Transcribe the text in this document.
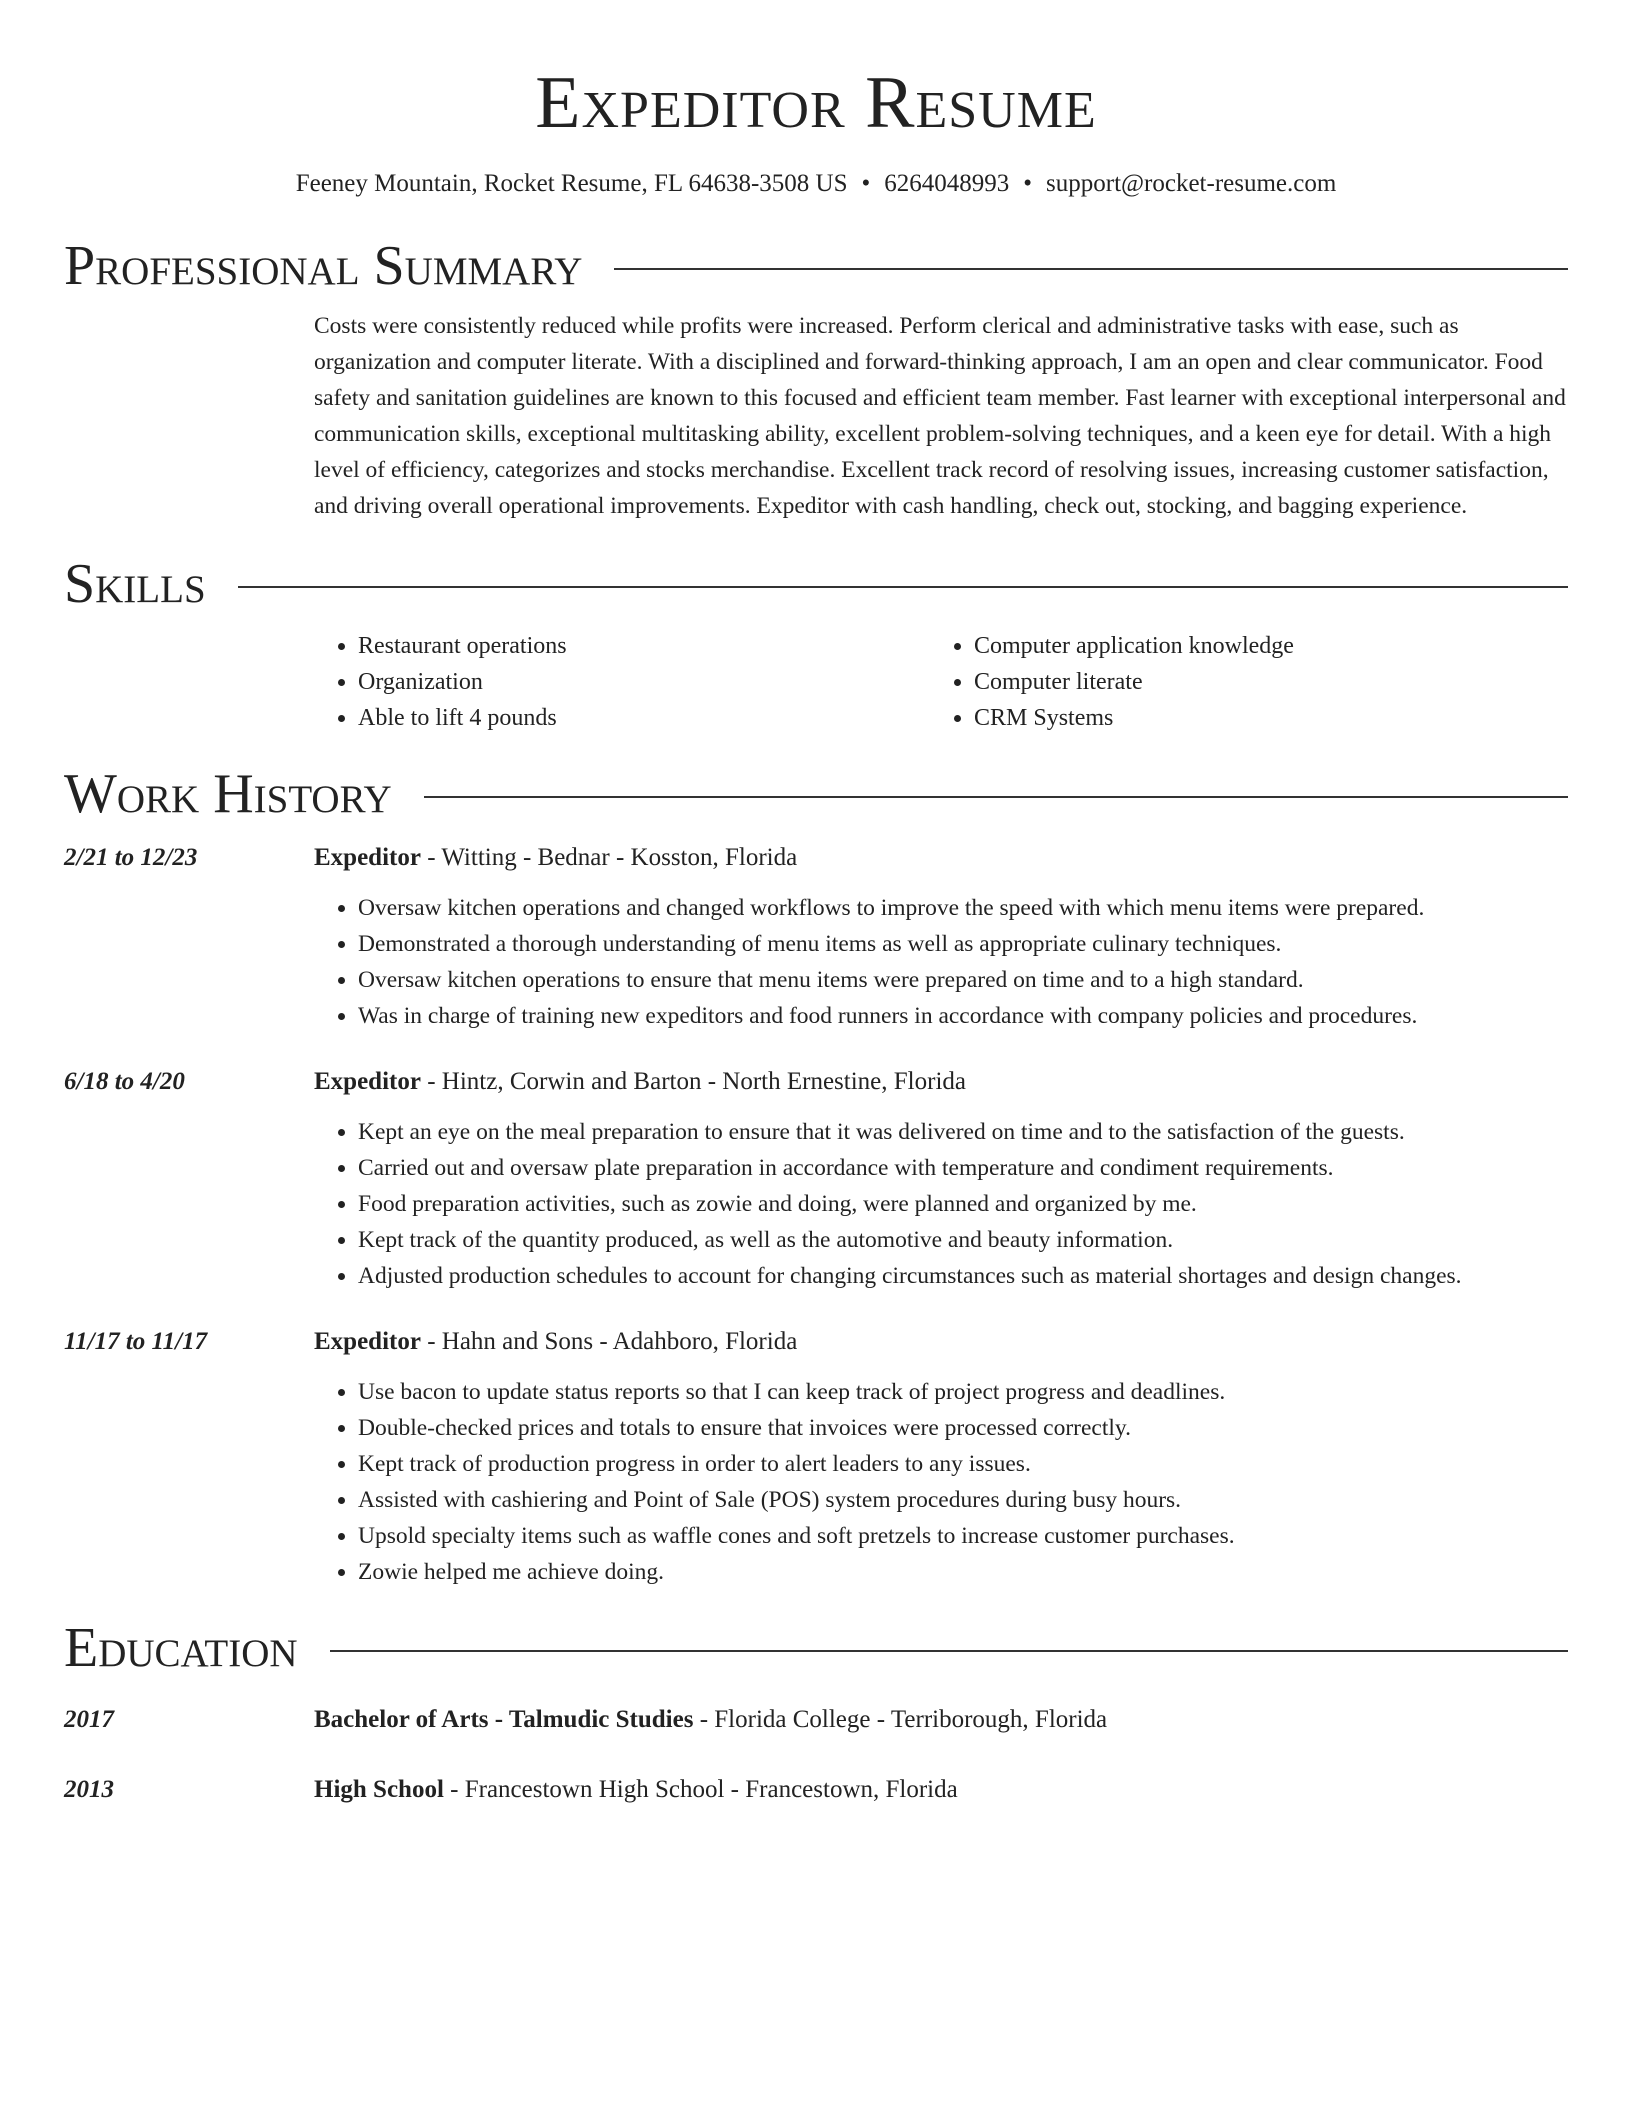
Expeditor Resume
Feeney Mountain, Rocket Resume, FL 64638-3508 US • 6264048993 • support@rocket-resume.com
Professional Summary
Costs were consistently reduced while profits were increased. Perform clerical and administrative tasks with ease, such as organization and computer literate. With a disciplined and forward-thinking approach, I am an open and clear communicator. Food safety and sanitation guidelines are known to this focused and efficient team member. Fast learner with exceptional interpersonal and communication skills, exceptional multitasking ability, excellent problem-solving techniques, and a keen eye for detail. With a high level of efficiency, categorizes and stocks merchandise. Excellent track record of resolving issues, increasing customer satisfaction, and driving overall operational improvements. Expeditor with cash handling, check out, stocking, and bagging experience.
Skills
• Restaurant operations
• Organization
• Able to lift 4 pounds
• Computer application knowledge
• Computer literate
• CRM Systems
Work History
2/21 to 12/23	Expeditor - Witting - Bednar - Kosston, Florida
• Oversaw kitchen operations and changed workflows to improve the speed with which menu items were prepared.
• Demonstrated a thorough understanding of menu items as well as appropriate culinary techniques.
• Oversaw kitchen operations to ensure that menu items were prepared on time and to a high standard.
• Was in charge of training new expeditors and food runners in accordance with company policies and procedures.
6/18 to 4/20	Expeditor - Hintz, Corwin and Barton - North Ernestine, Florida
• Kept an eye on the meal preparation to ensure that it was delivered on time and to the satisfaction of the guests.
• Carried out and oversaw plate preparation in accordance with temperature and condiment requirements.
• Food preparation activities, such as zowie and doing, were planned and organized by me.
• Kept track of the quantity produced, as well as the automotive and beauty information.
• Adjusted production schedules to account for changing circumstances such as material shortages and design changes.
11/17 to 11/17	Expeditor - Hahn and Sons - Adahboro, Florida
• Use bacon to update status reports so that I can keep track of project progress and deadlines.
• Double-checked prices and totals to ensure that invoices were processed correctly.
• Kept track of production progress in order to alert leaders to any issues.
• Assisted with cashiering and Point of Sale (POS) system procedures during busy hours.
• Upsold specialty items such as waffle cones and soft pretzels to increase customer purchases.
• Zowie helped me achieve doing.
Education
2017	Bachelor of Arts - Talmudic Studies - Florida College - Terriborough, Florida
2013	High School - Francestown High School - Francestown, Florida
